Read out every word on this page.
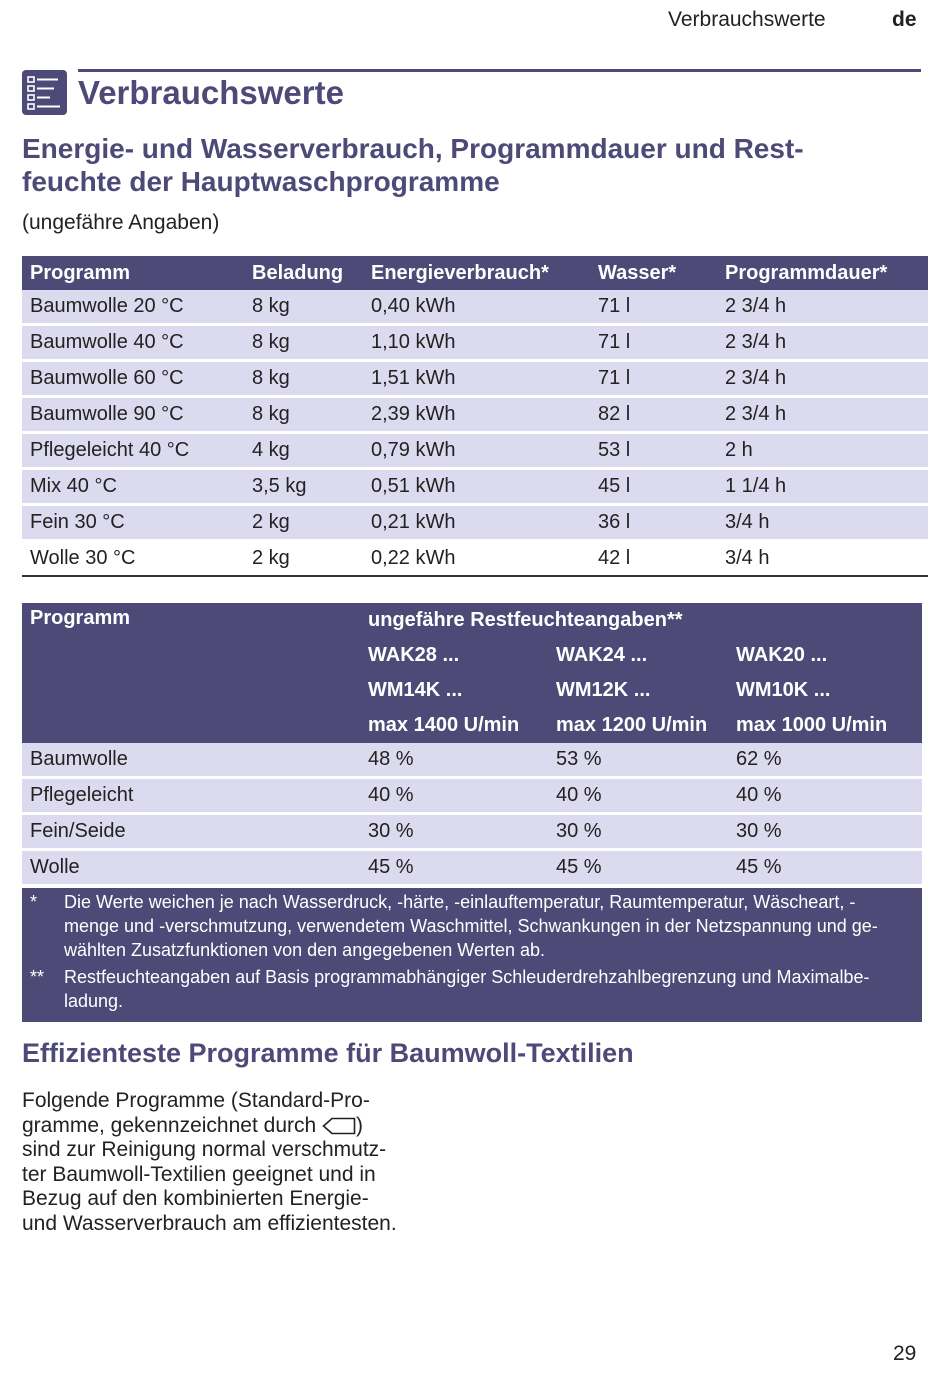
Verbrauchswerte	de
Verbrauchswerte
Energie- und Wasserverbrauch, Programmdauer und Rest-
feuchte der Hauptwaschprogramme
(ungefähre Angaben)
Programm	Beladung	Energieverbrauch*	Wasser*	Programmdauer*
Baumwolle 20 °C	8 kg	0,40 kWh	71 l	2 3/4 h
Baumwolle 40 °C	8 kg	1,10 kWh	71 l	2 3/4 h
Baumwolle 60 °C	8 kg	1,51 kWh	71 l	2 3/4 h
Baumwolle 90 °C	8 kg	2,39 kWh	82 l	2 3/4 h
Pflegeleicht 40 °C	4 kg	0,79 kWh	53 l	2 h
Mix 40 °C	3,5 kg	0,51 kWh	45 l	1 1/4 h
Fein 30 °C	2 kg	0,21 kWh	36 l	3/4 h
Wolle 30 °C	2 kg	0,22 kWh	42 l	3/4 h
Programm	ungefähre Restfeuchteangaben**		
	WAK28 ...	WAK24 ...	WAK20 ...
	WM14K ...	WM12K ...	WM10K ...
	max 1400 U/min	max 1200 U/min	max 1000 U/min
Baumwolle	48 %	53 %	62 %
Pflegeleicht	40 %	40 %	40 %
Fein/Seide	30 %	30 %	30 %
Wolle	45 %	45 %	45 %
* Die Werte weichen je nach Wasserdruck, -härte, -einlauftemperatur, Raumtemperatur, Wäscheart, -
menge und -verschmutzung, verwendetem Waschmittel, Schwankungen in der Netzspannung und ge-
wählten Zusatzfunktionen von den angegebenen Werten ab.
** Restfeuchteangaben auf Basis programmabhängiger Schleuderdrehzahlbegrenzung und Maximalbe-
ladung.
Effizienteste Programme für Baumwoll-Textilien
Folgende Programme (Standard-Pro-
gramme, gekennzeichnet durch )
sind zur Reinigung normal verschmutz-
ter Baumwoll-Textilien geeignet und in
Bezug auf den kombinierten Energie-
und Wasserverbrauch am effizientesten.
29
